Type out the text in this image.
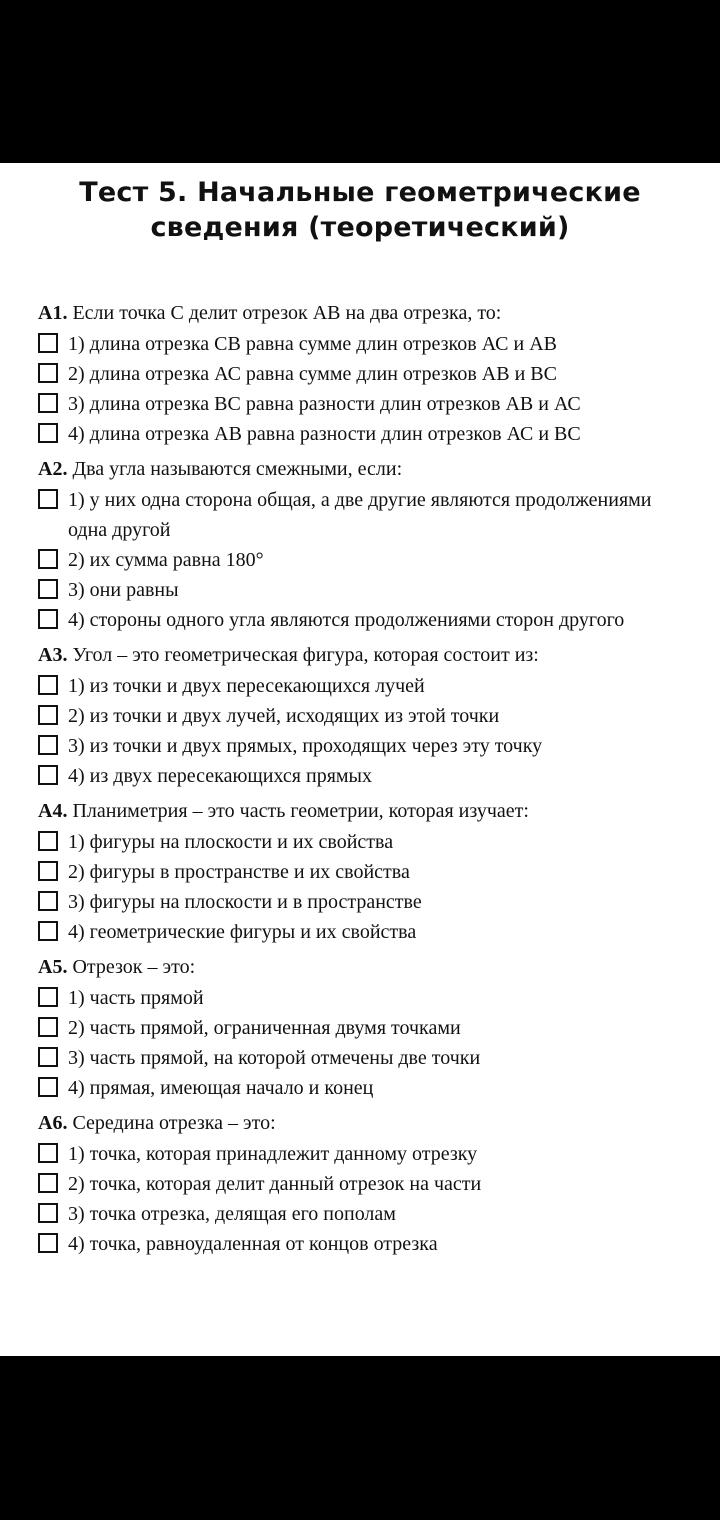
Тест 5. Начальные геометрические
сведения (теоретический)
А1. Если точка С делит отрезок АВ на два отрезка, то:
1) длина отрезка СВ равна сумме длин отрезков АС и АВ
2) длина отрезка АС равна сумме длин отрезков АВ и ВС
3) длина отрезка ВС равна разности длин отрезков АВ и АС
4) длина отрезка АВ равна разности длин отрезков АС и ВС
А2. Два угла называются смежными, если:
1) у них одна сторона общая, а две другие являются продолжениями одна другой
2) их сумма равна 180°
3) они равны
4) стороны одного угла являются продолжениями сторон другого
А3. Угол – это геометрическая фигура, которая состоит из:
1) из точки и двух пересекающихся лучей
2) из точки и двух лучей, исходящих из этой точки
3) из точки и двух прямых, проходящих через эту точку
4) из двух пересекающихся прямых
А4. Планиметрия – это часть геометрии, которая изучает:
1) фигуры на плоскости и их свойства
2) фигуры в пространстве и их свойства
3) фигуры на плоскости и в пространстве
4) геометрические фигуры и их свойства
А5. Отрезок – это:
1) часть прямой
2) часть прямой, ограниченная двумя точками
3) часть прямой, на которой отмечены две точки
4) прямая, имеющая начало и конец
А6. Середина отрезка – это:
1) точка, которая принадлежит данному отрезку
2) точка, которая делит данный отрезок на части
3) точка отрезка, делящая его пополам
4) точка, равноудаленная от концов отрезка
